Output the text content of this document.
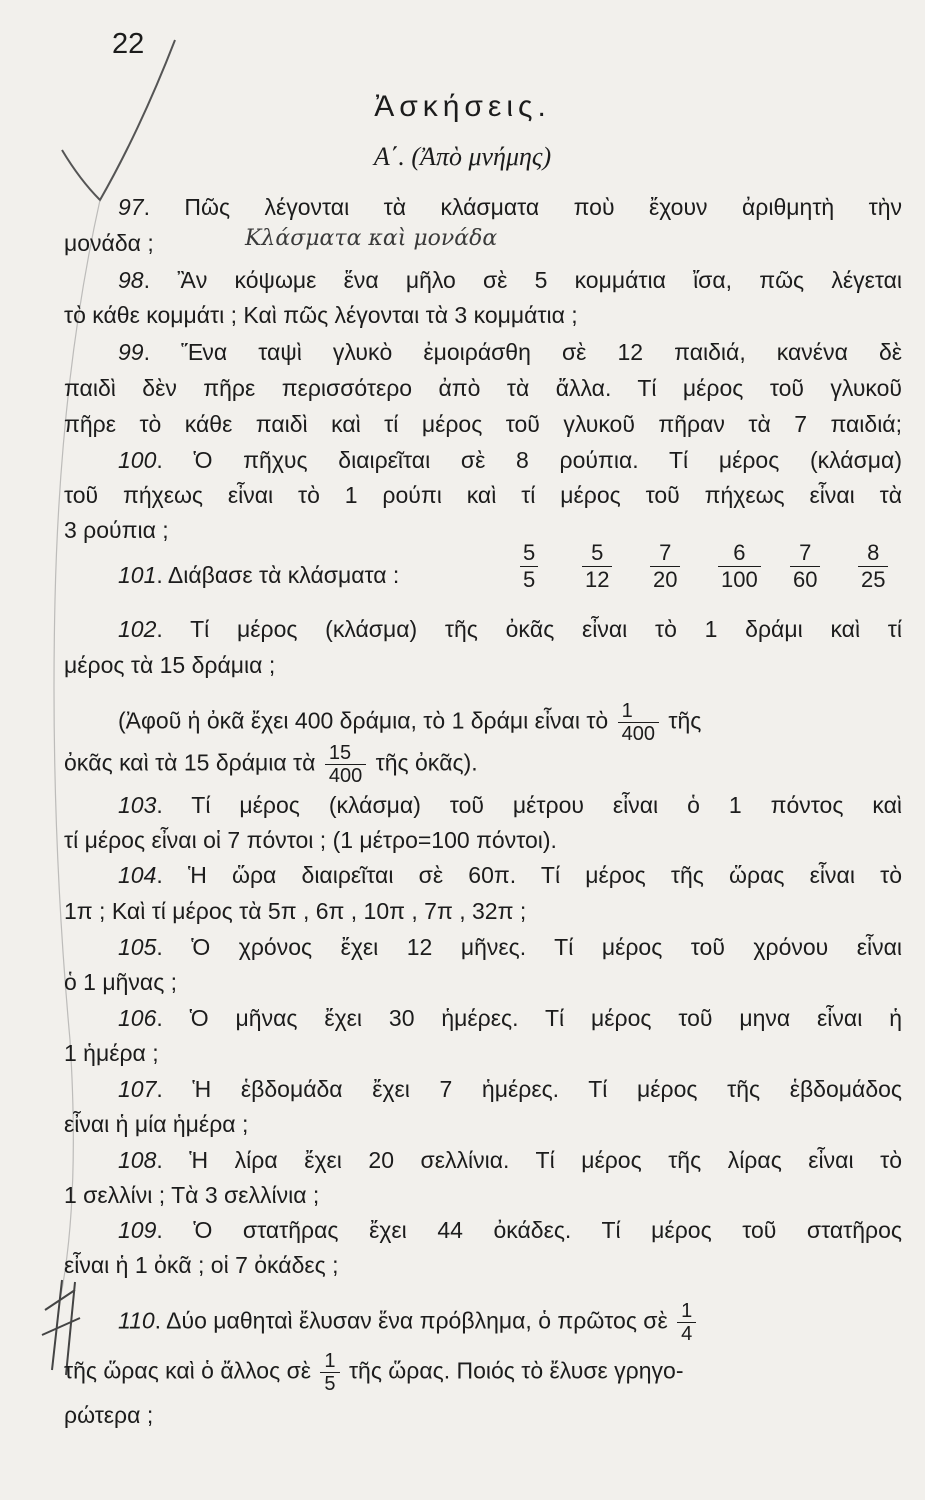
22
Ἀσκήσεις.
Α΄. (Ἀπὸ μνήμης)
97. Πῶς λέγονται τὰ κλάσματα ποὺ ἔχουν ἀριθμητὴ τὴν
μονάδα ;	Κλάσματα καὶ μονάδα
98. Ἂν κόψωμε ἕνα μῆλο σὲ 5 κομμάτια ἴσα, πῶς λέγεται
τὸ κάθε κομμάτι ; Καὶ πῶς λέγονται τὰ 3 κομμάτια ;
99. Ἕνα ταψὶ γλυκὸ ἐμοιράσθη σὲ 12 παιδιά, κανένα δὲ
παιδὶ δὲν πῆρε περισσότερο ἀπὸ τὰ ἄλλα. Τί μέρος τοῦ γλυκοῦ
πῆρε τὸ κάθε παιδὶ καὶ τί μέρος τοῦ γλυκοῦ πῆραν τὰ 7 παιδιά;
100. Ὁ πῆχυς διαιρεῖται σὲ 8 ρούπια. Τί μέρος (κλάσμα)
τοῦ πήχεως εἶναι τὸ 1 ρούπι καὶ τί μέρος τοῦ πήχεως εἶναι τὰ
3 ρούπια ;
101. Διάβασε τὰ κλάσματα :
5
5
5
12
7
20
6
100
7
60
8
25
102. Τί μέρος (κλάσμα) τῆς ὀκᾶς εἶναι τὸ 1 δράμι καὶ τί
μέρος τὰ 15 δράμια ;
(Ἀφοῦ ἡ ὀκᾶ ἔχει 400 δράμια, τὸ 1 δράμι εἶναι τὸ $\frac{1}{400}$ τῆς
ὀκᾶς καὶ τὰ 15 δράμια τὰ $\frac{15}{400}$ τῆς ὀκᾶς).
103. Τί μέρος (κλάσμα) τοῦ μέτρου εἶναι ὁ 1 πόντος καὶ
τί μέρος εἶναι οἱ 7 πόντοι ; (1 μέτρο=100 πόντοι).
104. Ἡ ὥρα διαιρεῖται σὲ 60π. Τί μέρος τῆς ὥρας εἶναι τὸ
1π ; Καὶ τί μέρος τὰ 5π , 6π , 10π , 7π , 32π ;
105. Ὁ χρόνος ἔχει 12 μῆνες. Τί μέρος τοῦ χρόνου εἶναι
ὁ 1 μῆνας ;
106. Ὁ μῆνας ἔχει 30 ἡμέρες. Τί μέρος τοῦ μηνα εἶναι ἡ
1 ἡμέρα ;
107. Ἡ ἑβδομάδα ἔχει 7 ἡμέρες. Τί μέρος τῆς ἑβδομάδος
εἶναι ἡ μία ἡμέρα ;
108. Ἡ λίρα ἔχει 20 σελλίνια. Τί μέρος τῆς λίρας εἶναι τὸ
1 σελλίνι ; Τὰ 3 σελλίνια ;
109. Ὁ στατῆρας ἔχει 44 ὀκάδες. Τί μέρος τοῦ στατῆρος
εἶναι ἡ 1 ὀκᾶ ; οἱ 7 ὀκάδες ;
110. Δύο μαθηταὶ ἔλυσαν ἕνα πρόβλημα, ὁ πρῶτος σὲ $\frac{1}{4}$
τῆς ὥρας καὶ ὁ ἄλλος σὲ $\frac{1}{5}$ τῆς ὥρας. Ποιός τὸ ἔλυσε γρηγο-
ρώτερα ;
